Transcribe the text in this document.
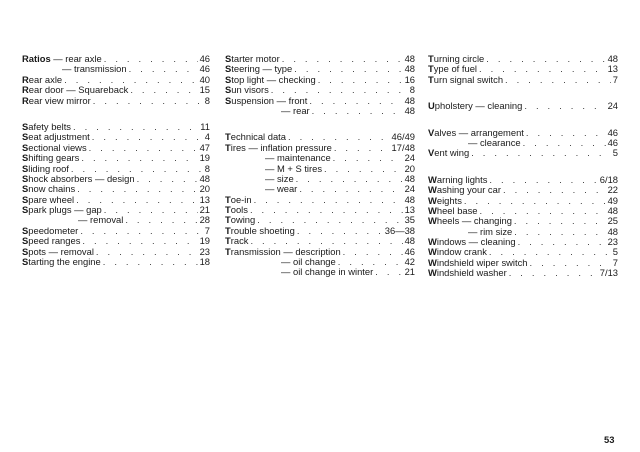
Ratios — rear axle . . .	46
— transmission . . .	46
Rear axle . . .	40
Rear door — Squareback . . .	15
Rear view mirror . . .	8
Safety belts . . .	11
Seat adjustment . . .	4
Sectional views . . .	47
Shifting gears . . .	19
Sliding roof . . .	8
Shock absorbers — design . . .	48
Snow chains . . .	20
Spare wheel . . .	13
Spark plugs — gap . . .	21
— removal . . .	28
Speedometer . . .	7
Speed ranges . . .	19
Spots — removal . . .	23
Starting the engine . . .	18
Starter motor . . .	48
Steering — type . . .	48
Stop light — checking . . .	16
Sun visors . . .	8
Suspension — front . . .	48
— rear . . .	48
Technical data . . .	46/49
Tires — inflation pressure . . .	17/48
— maintenance . . .	24
— M + S tires . . .	20
— size . . .	48
— wear . . .	24
Toe-in . . .	48
Tools . . .	13
Towing . . .	35
Trouble shoeting . . .	36—38
Track . . .	48
Transmission — description . . .	46
— oil change . . .	42
— oil change in winter . . .	21
Turning circle . . .	48
Type of fuel . . .	13
Turn signal switch . . .	7
Upholstery — cleaning . . .	24
Valves — arrangement . . .	46
— clearance . . .	46
Vent wing . . .	5
Warning lights . . .	6/18
Washing your car . . .	22
Weights . . .	49
Wheel base . . .	48
Wheels — changing . . .	25
— rim size . . .	48
Windows — cleaning . . .	23
Window crank . . .	5
Windshield wiper switch . . .	7
Windshield washer . . .	7/13
53
